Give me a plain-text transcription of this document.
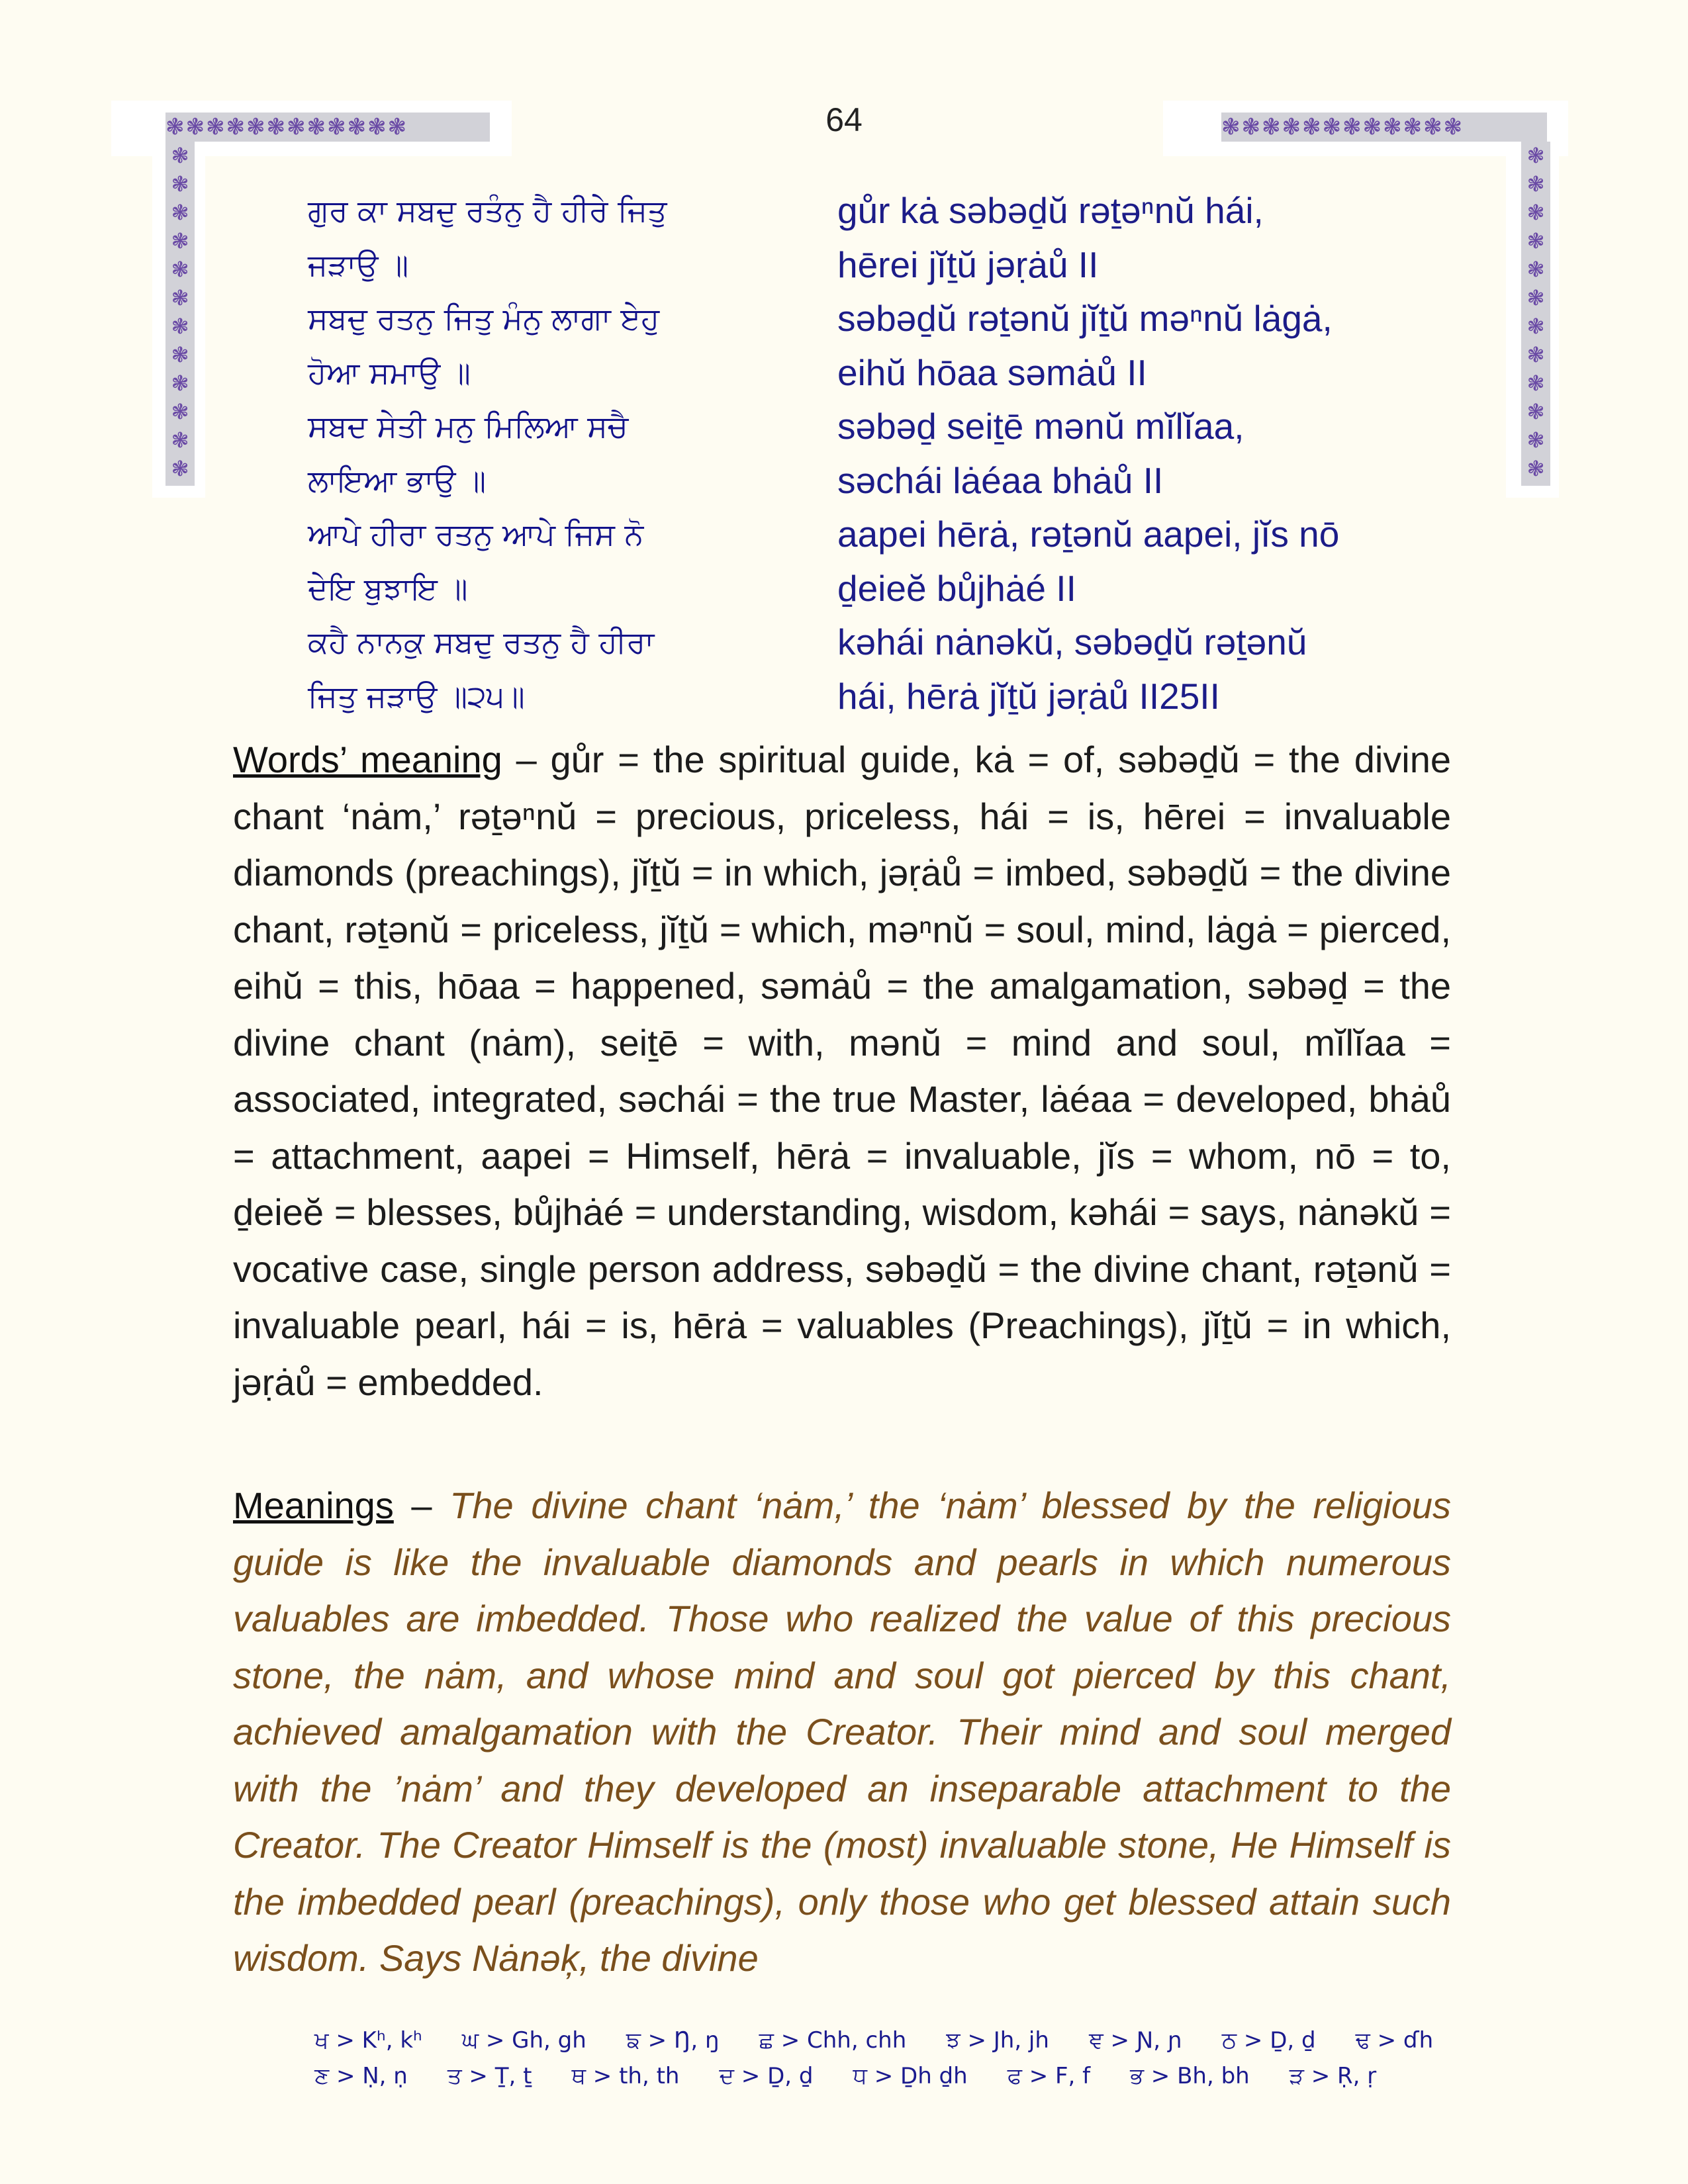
64
❃ ❃ ❃ ❃ ❃ ❃ ❃ ❃ ❃ ❃ ❃ ❃
❃
❃
❃
❃
❃
❃
❃
❃
❃
❃
❃
❃
❃ ❃ ❃ ❃ ❃ ❃ ❃ ❃ ❃ ❃ ❃ ❃
❃
❃
❃
❃
❃
❃
❃
❃
❃
❃
❃
❃
ਗੁਰ ਕਾ ਸਬਦੁ ਰਤੰਨੁ ਹੈ ਹੀਰੇ ਜਿਤੁ	gůr kȧ səbəḏŭ rəṯəⁿnŭ hái,
ਜੜਾਉ ॥	hērei jĭṯŭ jəṛȧů II
ਸਬਦੁ ਰਤਨੁ ਜਿਤੁ ਮੰਨੁ ਲਾਗਾ ਏਹੁ	səbəḏŭ rəṯənŭ jĭṯŭ məⁿnŭ lȧgȧ,
ਹੋਆ ਸਮਾਉ ॥	eihŭ hōaa səmȧů II
ਸਬਦ ਸੇਤੀ ਮਨੁ ਮਿਲਿਆ ਸਚੈ	səbəḏ seiṯē mənŭ mĭlĭaa,
ਲਾਇਆ ਭਾਉ ॥	səchái lȧéaa bhȧů II
ਆਪੇ ਹੀਰਾ ਰਤਨੁ ਆਪੇ ਜਿਸ ਨੋ	aapei hērȧ, rəṯənŭ aapei, jĭs nō
ਦੇਇ ਬੁਝਾਇ ॥	ḏeieĕ bůjhȧé II
ਕਹੈ ਨਾਨਕੁ ਸਬਦੁ ਰਤਨੁ ਹੈ ਹੀਰਾ	kəhái nȧnəkŭ, səbəḏŭ rəṯənŭ
ਜਿਤੁ ਜੜਾਉ ॥੨੫॥	hái, hērȧ jĭṯŭ jəṛȧů II25II
Words’ meaning – gůr = the spiritual guide, kȧ = of, səbəḏŭ = the divine chant ‘nȧm,’ rəṯəⁿnŭ = precious, priceless, hái = is, hērei = invaluable diamonds (preachings), jĭṯŭ = in which, jəṛȧů = imbed, səbəḏŭ = the divine chant, rəṯənŭ = priceless, jĭṯŭ = which, məⁿnŭ = soul, mind, lȧgȧ = pierced, eihŭ = this, hōaa = happened, səmȧů = the amalgamation, səbəḏ = the divine chant (nȧm), seiṯē = with, mənŭ = mind and soul, mĭlĭaa = associated, integrated, səchái = the true Master, lȧéaa = developed, bhȧů = attachment, aapei = Himself, hērȧ = invaluable, jĭs = whom, nō = to, ḏeieĕ = blesses, bůjhȧé = understanding, wisdom, kəhái = says, nȧnəkŭ = vocative case, single person address, səbəḏŭ = the divine chant, rəṯənŭ = invaluable pearl, hái = is, hērȧ = valuables (Preachings), jĭṯŭ = in which, jəṛȧů = embedded.
Meanings – The divine chant ‘nȧm,’ the ‘nȧm’ blessed by the religious guide is like the invaluable diamonds and pearls in which numerous valuables are imbedded. Those who realized the value of this precious stone, the nȧm, and whose mind and soul got pierced by this chant, achieved amalgamation with the Creator. Their mind and soul merged with the ’nȧm’ and they developed an inseparable attachment to the Creator. The Creator Himself is the (most) invaluable stone, He Himself is the imbedded pearl (preachings), only those who get blessed attain such wisdom. Says Nȧnəķ, the divine
ਖ > Kʰ, kʰ ਘ > Gh, gh ਙ > Ŋ, ŋ ਛ > Chh, chh ਝ > Jh, jh ਞ > Ɲ, ɲ ਠ > Ḏ, ḏ ਢ > ɗh
ਣ > Ṇ, ṇ ਤ > Ṯ, ṯ ਥ > th, th ਦ > Ḏ, ḏ ਧ > Ḏh ḏh ਫ > F, f ਭ > Bh, bh ੜ > Ṛ, ṛ
